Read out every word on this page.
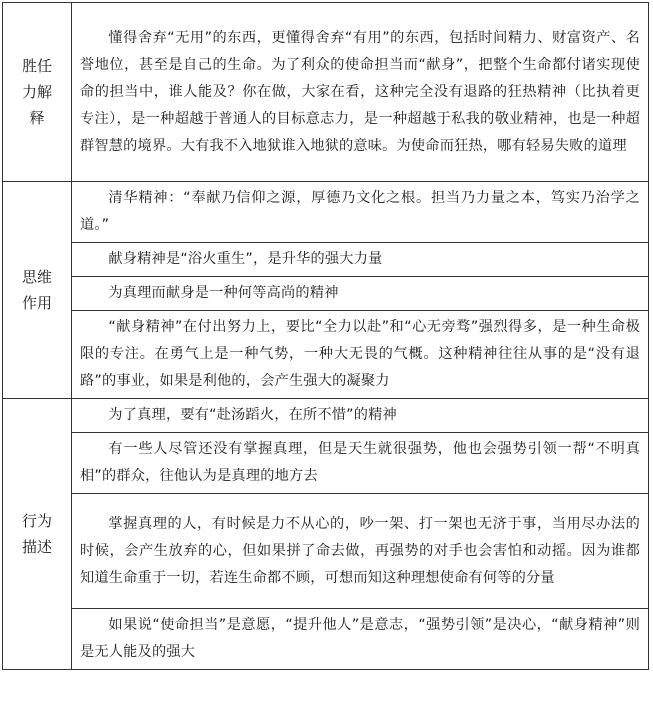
胜任力解释	懂得舍弃“无用”的东西，更懂得舍弃“有用”的东西，包括时间精力、财富资产、名誉地位，甚至是自己的生命。为了利众的使命担当而“献身”，把整个生命都付诸实现使命的担当中，谁人能及？你在做，大家在看，这种完全没有退路的狂热精神（比执着更专注），是一种超越于普通人的目标意志力，是一种超越于私我的敬业精神，也是一种超群智慧的境界。大有我不入地狱谁入地狱的意味。为使命而狂热，哪有轻易失败的道理
思维作用	清华精神：“奉献乃信仰之源，厚德乃文化之根。担当乃力量之本，笃实乃治学之道。”
	献身精神是“浴火重生”，是升华的强大力量
	为真理而献身是一种何等高尚的精神
	“献身精神”在付出努力上，要比“全力以赴”和“心无旁骛”强烈得多，是一种生命极限的专注。在勇气上是一种气势，一种大无畏的气概。这种精神往往从事的是“没有退路”的事业，如果是利他的，会产生强大的凝聚力
行为描述	为了真理，要有“赴汤蹈火，在所不惜”的精神
	有一些人尽管还没有掌握真理，但是天生就很强势，他也会强势引领一帮“不明真相”的群众，往他认为是真理的地方去
	掌握真理的人，有时候是力不从心的，吵一架、打一架也无济于事，当用尽办法的时候，会产生放弃的心，但如果拼了命去做，再强势的对手也会害怕和动摇。因为谁都知道生命重于一切，若连生命都不顾，可想而知这种理想使命有何等的分量
	如果说“使命担当”是意愿，“提升他人”是意志，“强势引领”是决心，“献身精神”则是无人能及的强大
